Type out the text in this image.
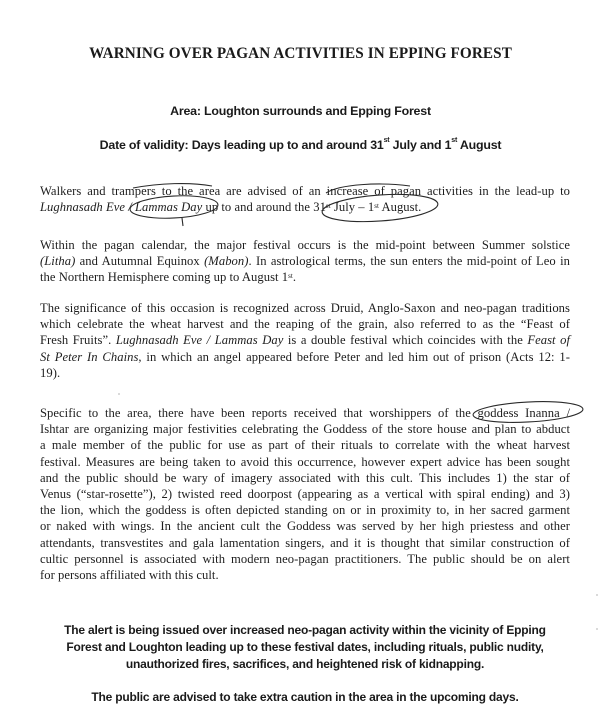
WARNING OVER PAGAN ACTIVITIES IN EPPING FOREST
Area: Loughton surrounds and Epping Forest
Date of validity: Days leading up to and around 31st July and 1st August
Walkers and trampers to the area are advised of an increase of pagan activities in the lead-up to
Lughnasadh Eve / Lammas Day up to and around the 31st July – 1st August.
Within the pagan calendar, the major festival occurs is the mid-point between Summer solstice
(Litha) and Autumnal Equinox (Mabon). In astrological terms, the sun enters the mid-point of Leo in
the Northern Hemisphere coming up to August 1st.
The significance of this occasion is recognized across Druid, Anglo-Saxon and neo-pagan traditions
which celebrate the wheat harvest and the reaping of the grain, also referred to as the “Feast of
Fresh Fruits”. Lughnasadh Eve / Lammas Day is a double festival which coincides with the Feast of
St Peter In Chains, in which an angel appeared before Peter and led him out of prison (Acts 12: 1-
19).
Specific to the area, there have been reports received that worshippers of the goddess Inanna /
Ishtar are organizing major festivities celebrating the Goddess of the store house and plan to abduct
a male member of the public for use as part of their rituals to correlate with the wheat harvest
festival. Measures are being taken to avoid this occurrence, however expert advice has been sought
and the public should be wary of imagery associated with this cult. This includes 1) the star of
Venus (“star-rosette”), 2) twisted reed doorpost (appearing as a vertical with spiral ending) and 3)
the lion, which the goddess is often depicted standing on or in proximity to, in her sacred garment
or naked with wings. In the ancient cult the Goddess was served by her high priestess and other
attendants, transvestites and gala lamentation singers, and it is thought that similar construction of
cultic personnel is associated with modern neo-pagan practitioners. The public should be on alert
for persons affiliated with this cult.
The alert is being issued over increased neo-pagan activity within the vicinity of Epping
Forest and Loughton leading up to these festival dates, including rituals, public nudity,
unauthorized fires, sacrifices, and heightened risk of kidnapping.
The public are advised to take extra caution in the area in the upcoming days.
